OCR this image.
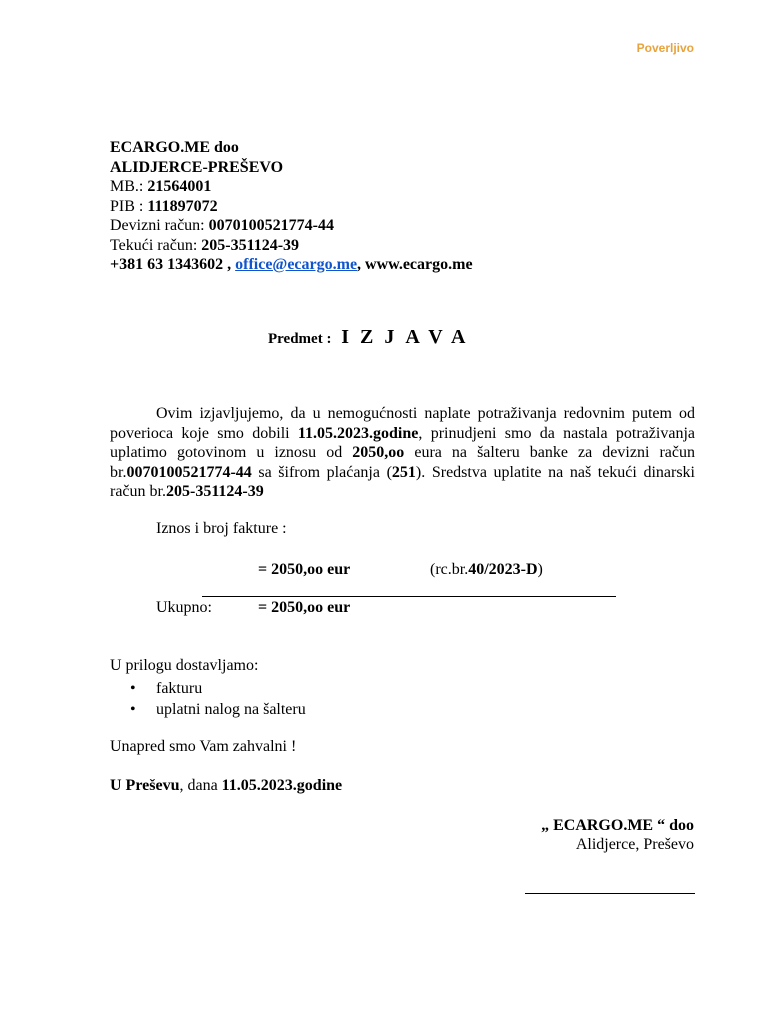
Poverljivo
ECARGO.ME doo
ALIDJERCE-PREŠEVO
MB.: 21564001
PIB : 111897072
Devizni račun: 0070100521774-44
Tekući račun: 205-351124-39
+381 63 1343602 , office@ecargo.me, www.ecargo.me
Predmet : IZJAVA
Ovim izjavljujemo, da u nemogućnosti naplate potraživanja redovnim putem od poverioca koje smo dobili 11.05.2023.godine, prinudjeni smo da nastala potraživanja uplatimo gotovinom u iznosu od 2050,oo eura na šalteru banke za devizni račun br.0070100521774-44 sa šifrom plaćanja (251). Sredstva uplatite na naš tekući dinarski račun br.205-351124-39
Iznos i broj fakture :
= 2050,oo eur	(rc.br.40/2023-D)
Ukupno:	= 2050,oo eur
U prilogu dostavljamo:
• fakturu
• uplatni nalog na šalteru
Unapred smo Vam zahvalni !
U Preševu, dana 11.05.2023.godine
„ ECARGO.ME “ doo
Alidjerce, Preševo
